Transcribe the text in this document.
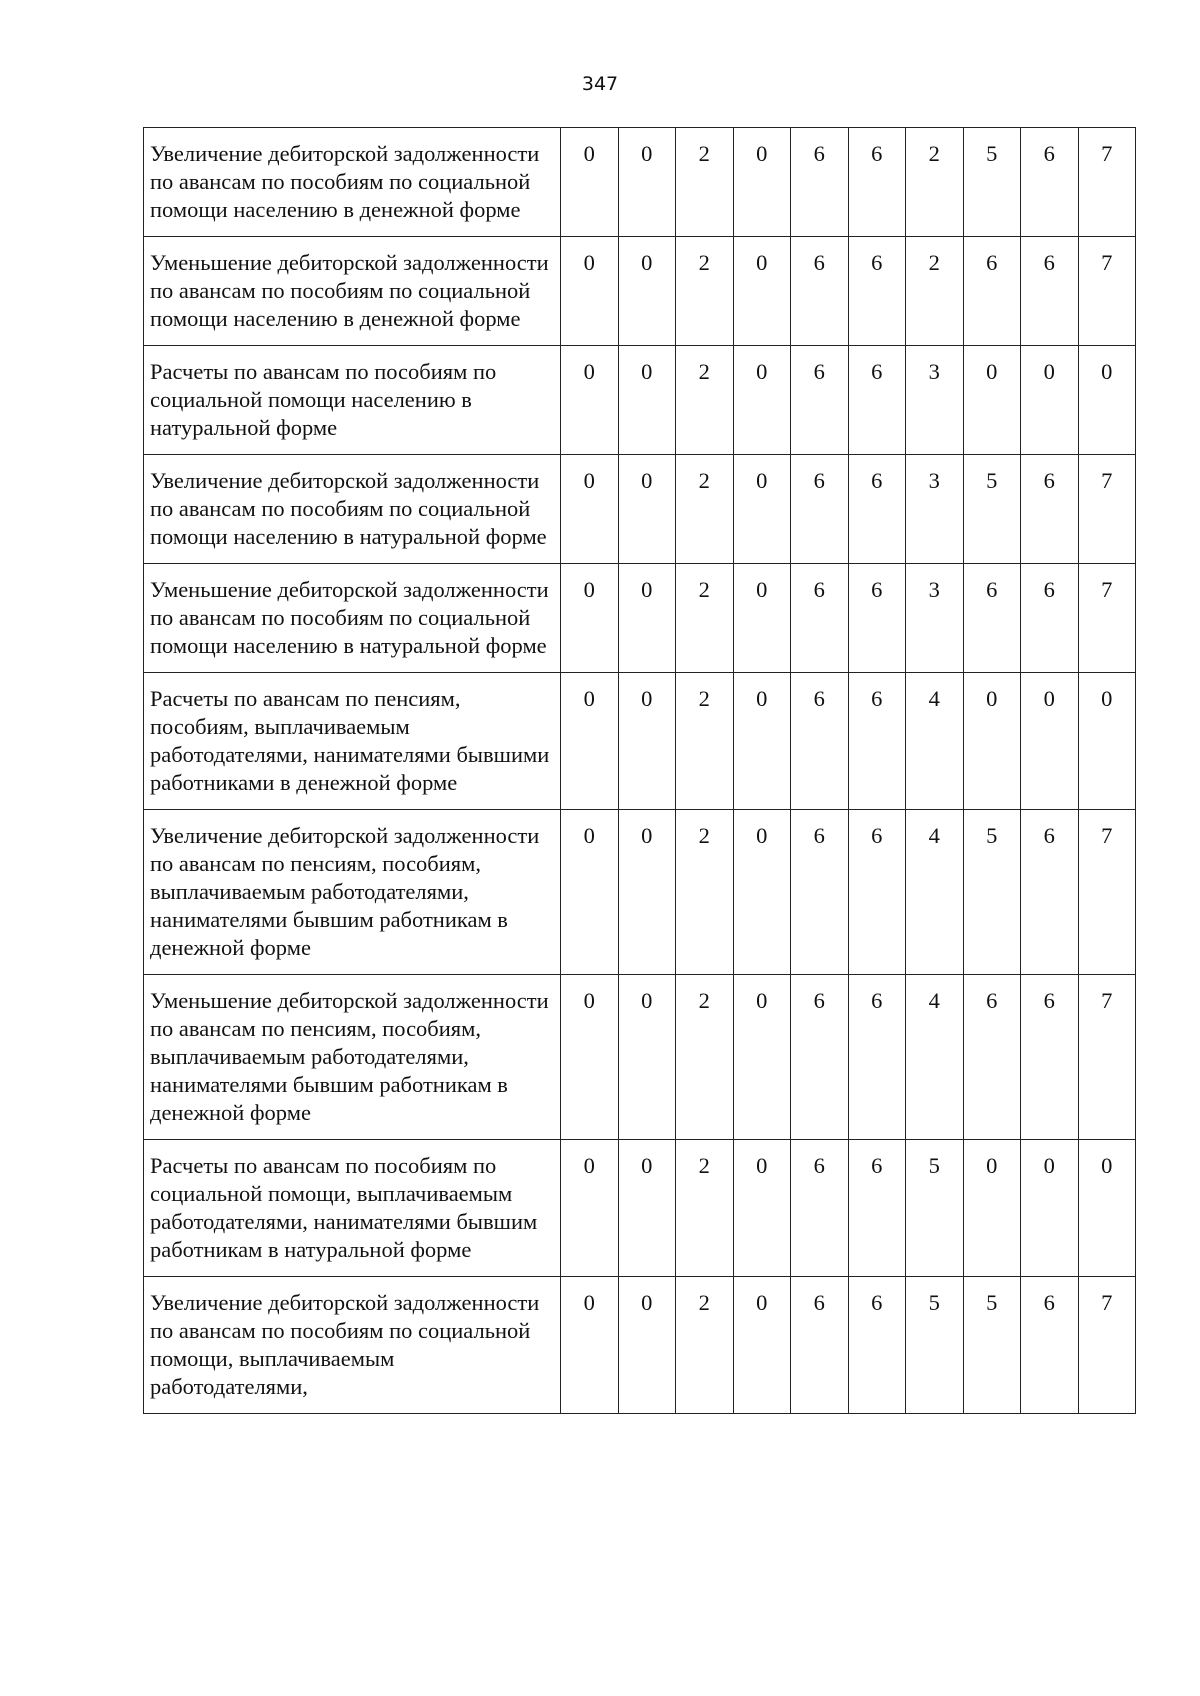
347
Увеличение дебиторской задолженности по авансам по пособиям по социальной помощи населению в денежной форме	0	0	2	0	6	6	2	5	6	7
Уменьшение дебиторской задолженности по авансам по пособиям по социальной помощи населению в денежной форме	0	0	2	0	6	6	2	6	6	7
Расчеты по авансам по пособиям по социальной помощи населению в натуральной форме	0	0	2	0	6	6	3	0	0	0
Увеличение дебиторской задолженности по авансам по пособиям по социальной помощи населению в натуральной форме	0	0	2	0	6	6	3	5	6	7
Уменьшение дебиторской задолженности по авансам по пособиям по социальной помощи населению в натуральной форме	0	0	2	0	6	6	3	6	6	7
Расчеты по авансам по пенсиям, пособиям, выплачиваемым работодателями, нанимателями бывшими работниками в денежной форме	0	0	2	0	6	6	4	0	0	0
Увеличение дебиторской задолженности по авансам по пенсиям, пособиям, выплачиваемым работодателями, нанимателями бывшим работникам в денежной форме	0	0	2	0	6	6	4	5	6	7
Уменьшение дебиторской задолженности по авансам по пенсиям, пособиям, выплачиваемым работодателями, нанимателями бывшим работникам в денежной форме	0	0	2	0	6	6	4	6	6	7
Расчеты по авансам по пособиям по социальной помощи, выплачиваемым работодателями, нанимателями бывшим работникам в натуральной форме	0	0	2	0	6	6	5	0	0	0
Увеличение дебиторской задолженности по авансам по пособиям по социальной помощи, выплачиваемым работодателями,	0	0	2	0	6	6	5	5	6	7
